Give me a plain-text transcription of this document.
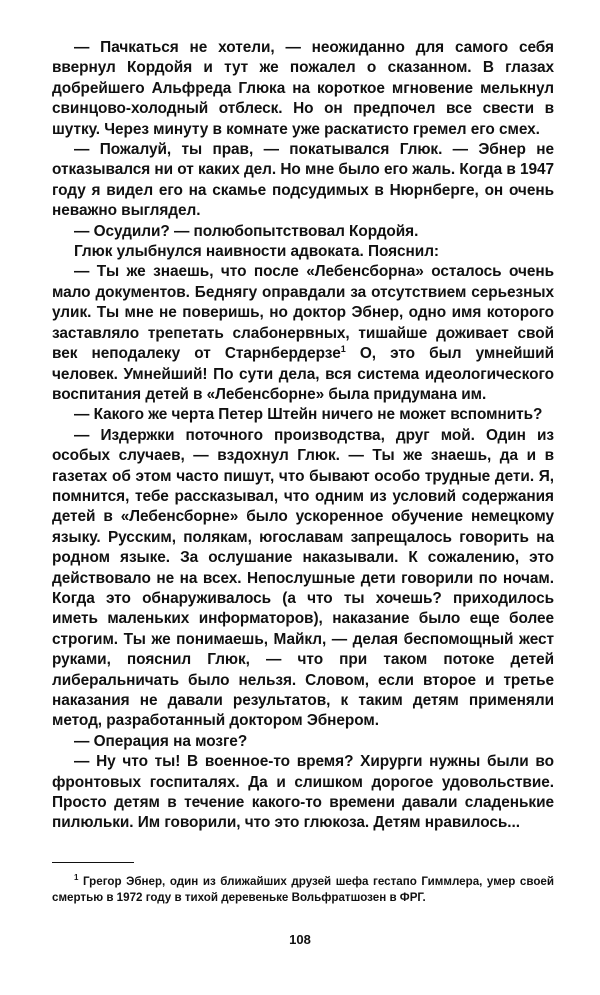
— Пачкаться не хотели, — неожиданно для самого себя ввернул Кордойя и тут же пожалел о сказанном. В глазах добрейшего Альфреда Глюка на короткое мгновение мелькнул свинцово-холодный отблеск. Но он предпочел все свести в шутку. Через минуту в комнате уже раскатисто гремел его смех.

— Пожалуй, ты прав, — покатывался Глюк. — Эбнер не отказывался ни от каких дел. Но мне было его жаль. Когда в 1947 году я видел его на скамье подсудимых в Нюрнберге, он очень неважно выглядел.

— Осудили? — полюбопытствовал Кордойя.

Глюк улыбнулся наивности адвоката. Пояснил:

— Ты же знаешь, что после «Лебенсборна» осталось очень мало документов. Беднягу оправдали за отсутствием серьезных улик. Ты мне не поверишь, но доктор Эбнер, одно имя которого заставляло трепетать слабонервных, тишайше доживает свой век неподалеку от Старнбердерзе$^1$ О, это был умнейший человек. Умнейший! По сути дела, вся система идеологического воспитания детей в «Лебенсборне» была придумана им.

— Какого же черта Петер Штейн ничего не может вспомнить?

— Издержки поточного производства, друг мой. Один из особых случаев, — вздохнул Глюк. — Ты же знаешь, да и в газетах об этом часто пишут, что бывают особо трудные дети. Я, помнится, тебе рассказывал, что одним из условий содержания детей в «Лебенсборне» было ускоренное обучение немецкому языку. Русским, полякам, югославам запрещалось говорить на родном языке. За ослушание наказывали. К сожалению, это действовало не на всех. Непослушные дети говорили по ночам. Когда это обнаруживалось (а что ты хочешь? приходилось иметь маленьких информаторов), наказание было еще более строгим. Ты же понимаешь, Майкл, — делая беспомощный жест руками, пояснил Глюк, — что при таком потоке детей либеральничать было нельзя. Словом, если второе и третье наказания не давали результатов, к таким детям применяли метод, разработанный доктором Эбнером.

— Операция на мозге?

— Ну что ты! В военное-то время? Хирурги нужны были во фронтовых госпиталях. Да и слишком дорогое удовольствие. Просто детям в течение какого-то времени давали сладенькие пилюльки. Им говорили, что это глюкоза. Детям нравилось...

$^1$ Грегор Эбнер, один из ближайших друзей шефа гестапо Гиммлера, умер своей смертью в 1972 году в тихой деревеньке Вольфратшозен в ФРГ.

108
